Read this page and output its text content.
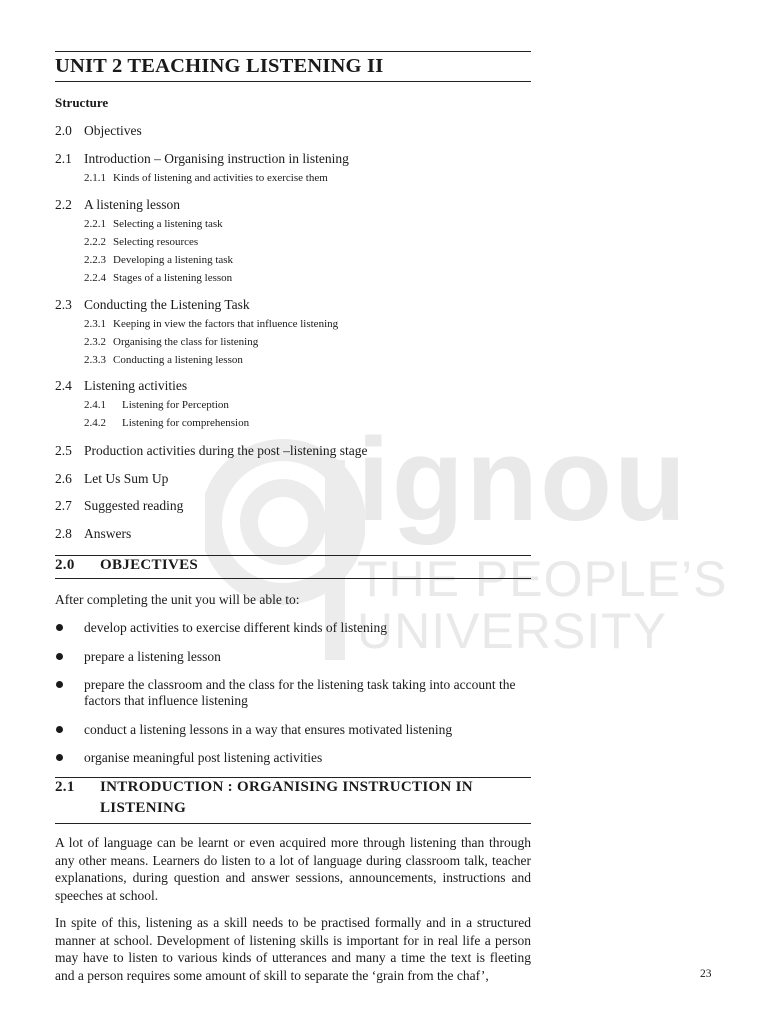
ignou
THE PEOPLE’S
UNIVERSITY
UNIT 2 TEACHING LISTENING II
Structure
2.0 Objectives
2.1 Introduction – Organising instruction in listening
2.1.1 Kinds of listening and activities to exercise them
2.2 A listening lesson
2.2.1 Selecting a listening task
2.2.2 Selecting resources
2.2.3 Developing a listening task
2.2.4 Stages of a listening lesson
2.3 Conducting the Listening Task
2.3.1 Keeping in view the factors that influence listening
2.3.2 Organising the class for listening
2.3.3 Conducting a listening lesson
2.4 Listening activities
2.4.1 Listening for Perception
2.4.2 Listening for comprehension
2.5 Production activities during the post –listening stage
2.6 Let Us Sum Up
2.7 Suggested reading
2.8 Answers
2.0 OBJECTIVES
After completing the unit you will be able to:
develop activities to exercise different kinds of listening
prepare a listening lesson
prepare the classroom and the class for the listening task taking into account the factors that influence listening
conduct a listening lessons in a way that ensures motivated listening
organise meaningful post listening activities
2.1 INTRODUCTION : ORGANISING INSTRUCTION IN
LISTENING
A lot of language can be learnt or even acquired more through listening than through any other means. Learners do listen to a lot of language during classroom talk, teacher explanations, during question and answer sessions, announcements, instructions and speeches at school.
In spite of this, listening as a skill needs to be practised formally and in a structured manner at school. Development of listening skills is important for in real life a person may have to listen to various kinds of utterances and many a time the text is fleeting and a person requires some amount of skill to separate the ‘grain from the chaf’,	23
